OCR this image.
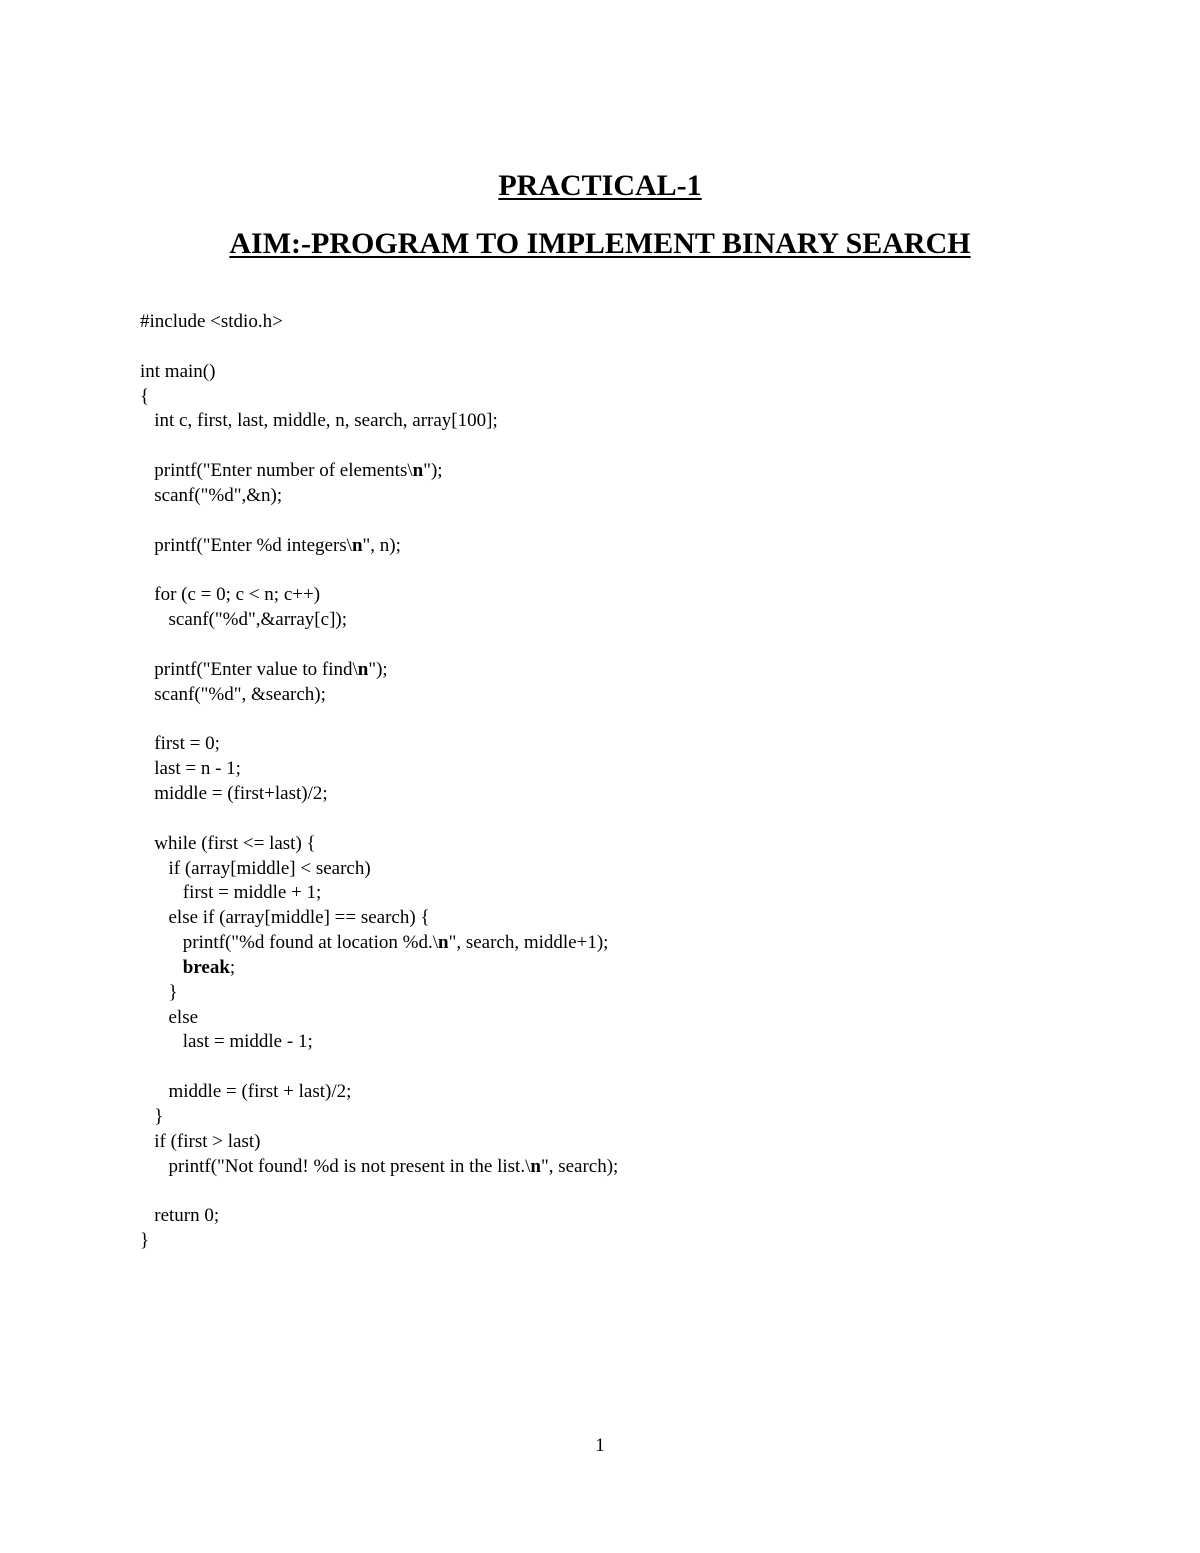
PRACTICAL-1
AIM:-PROGRAM TO IMPLEMENT BINARY SEARCH
#include <stdio.h>

int main()
{
int c, first, last, middle, n, search, array[100];

printf("Enter number of elements\n");
scanf("%d",&n);

printf("Enter %d integers\n", n);

for (c = 0; c < n; c++)
scanf("%d",&array[c]);

printf("Enter value to find\n");
scanf("%d", &search);

first = 0;
last = n - 1;
middle = (first+last)/2;

while (first <= last) {
if (array[middle] < search)
first = middle + 1;
else if (array[middle] == search) {
printf("%d found at location %d.\n", search, middle+1);
break;
}
else
last = middle - 1;

middle = (first + last)/2;
}
if (first > last)
printf("Not found! %d is not present in the list.\n", search);

return 0;
}
1
